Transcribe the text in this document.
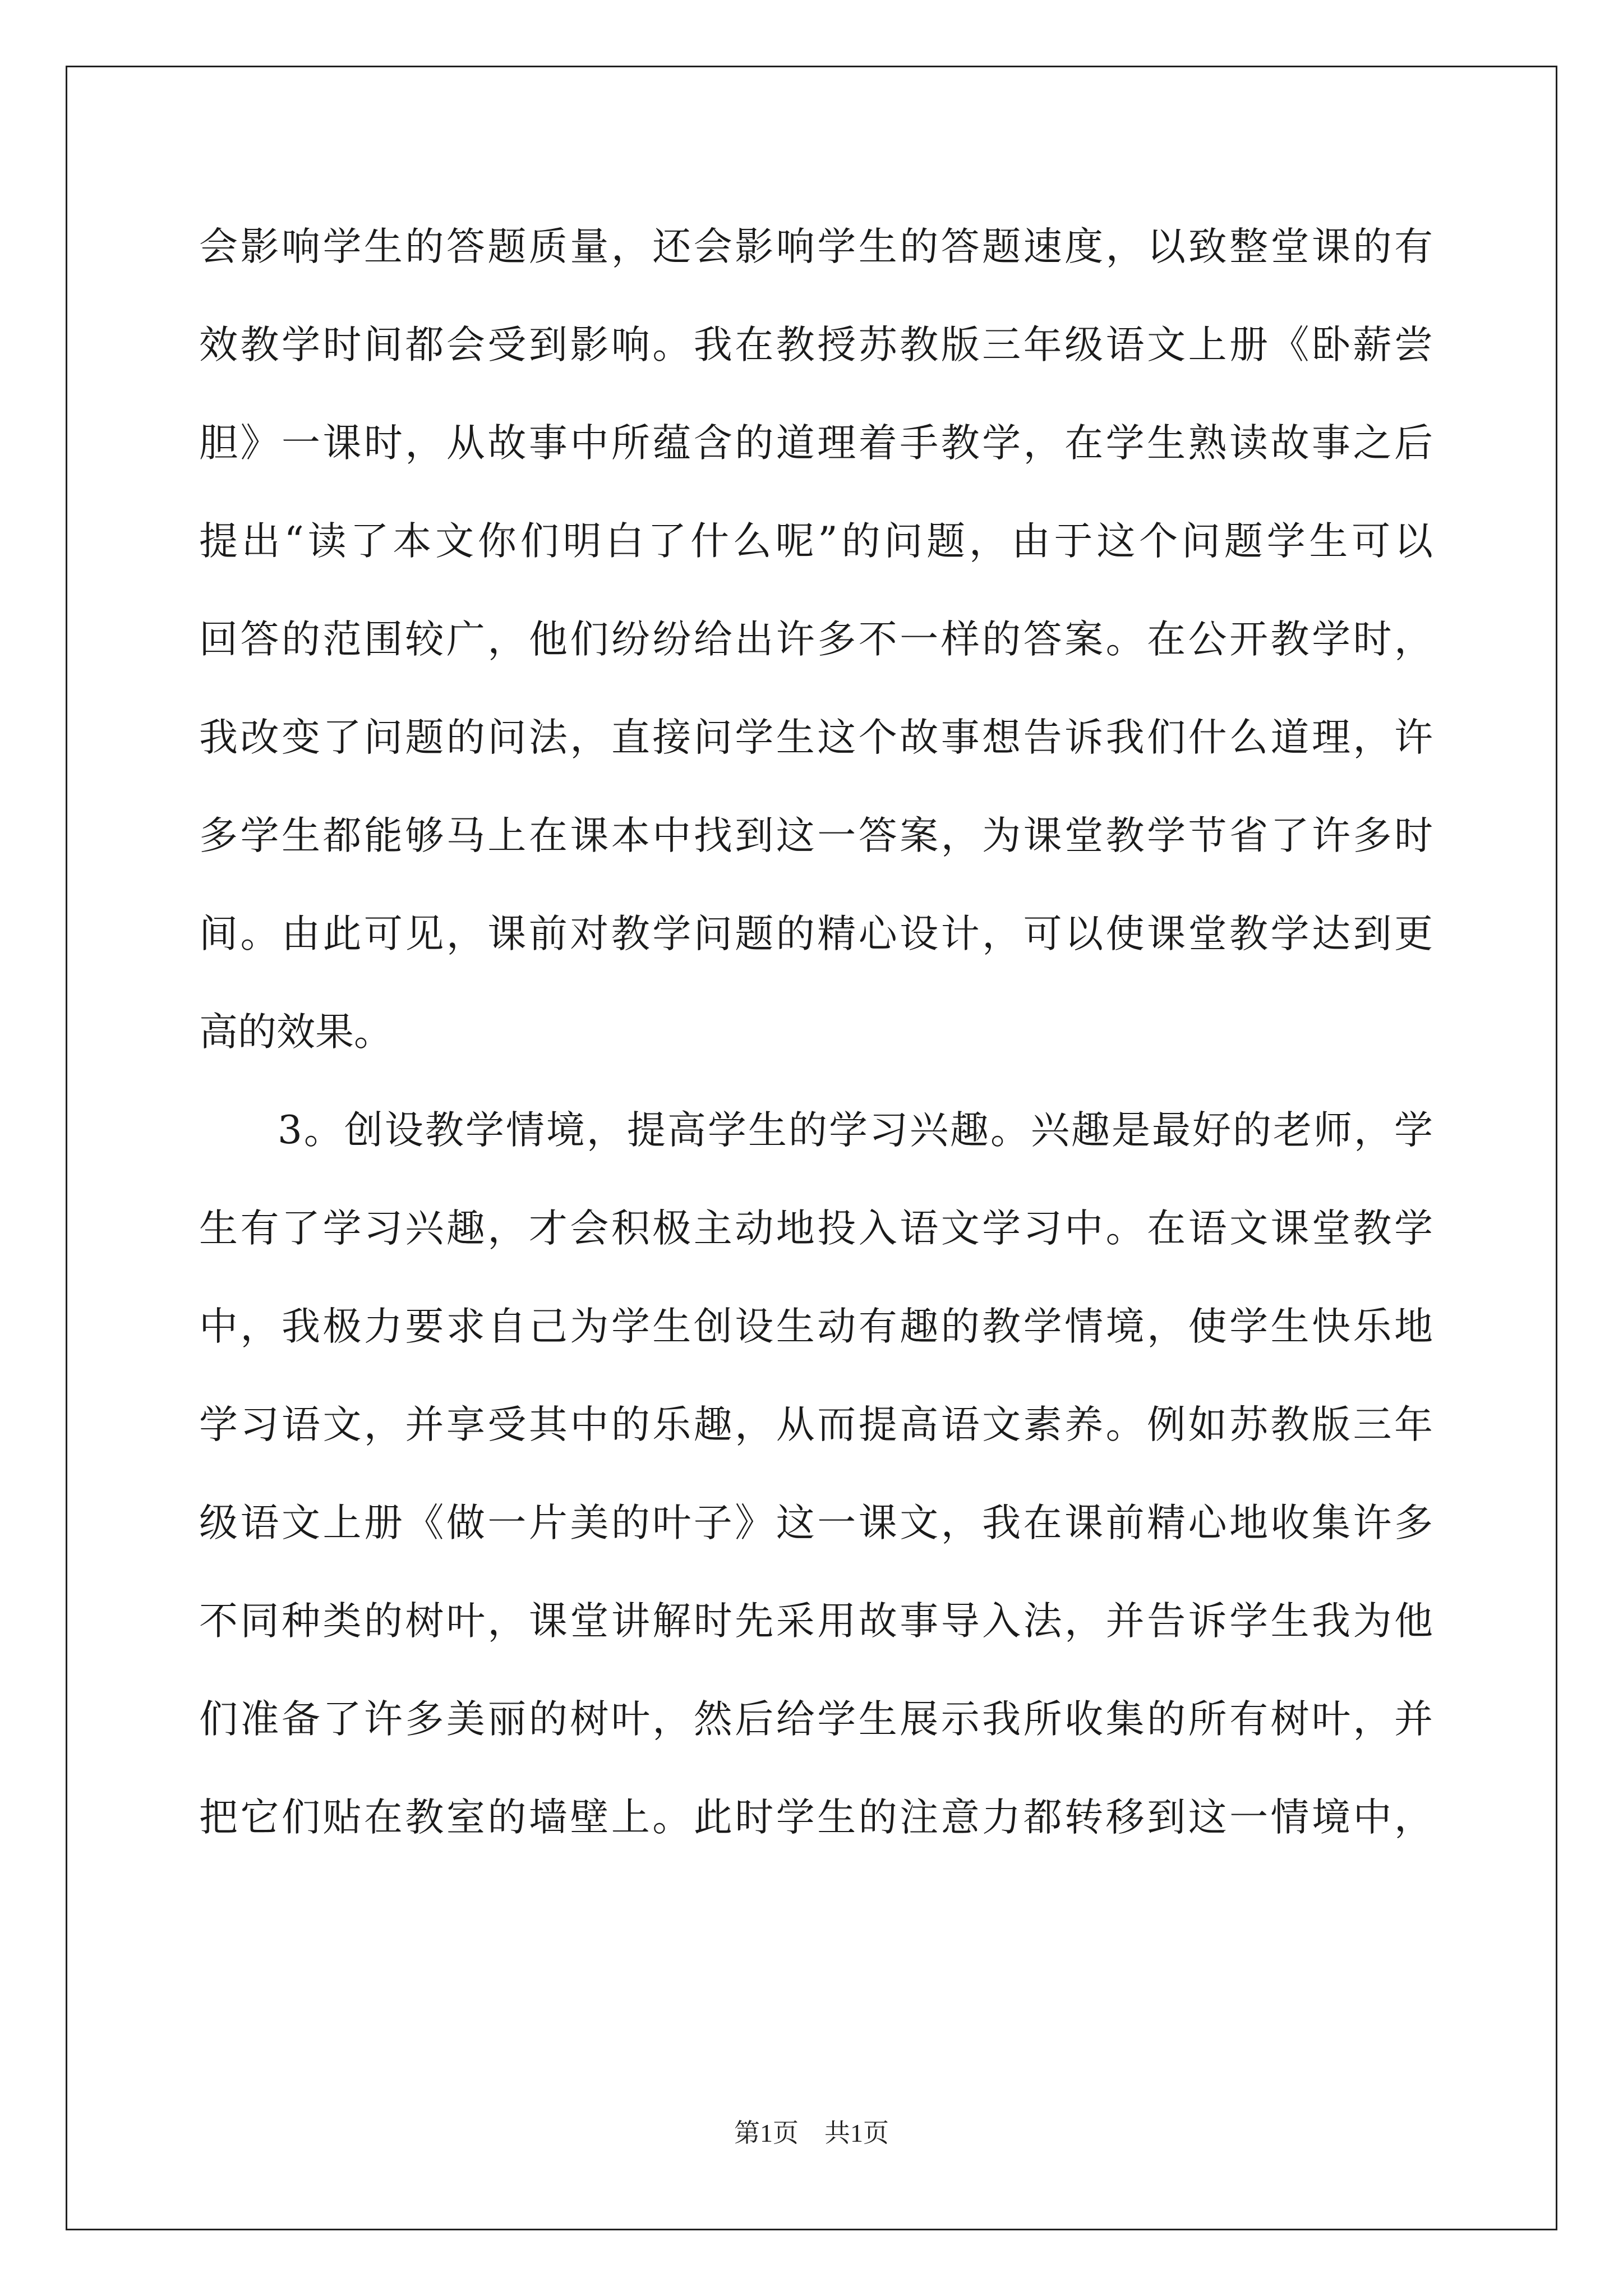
会影响学生的答题质量，还会影响学生的答题速度，以致整堂课的有
效教学时间都会受到影响。我在教授苏教版三年级语文上册《卧薪尝
胆》一课时，从故事中所蕴含的道理着手教学，在学生熟读故事之后
提出“读了本文你们明白了什么呢”的问题，由于这个问题学生可以
回答的范围较广，他们纷纷给出许多不一样的答案。在公开教学时，
我改变了问题的问法，直接问学生这个故事想告诉我们什么道理，许
多学生都能够马上在课本中找到这一答案，为课堂教学节省了许多时
间。由此可见，课前对教学问题的精心设计，可以使课堂教学达到更
高的效果。
3。创设教学情境，提高学生的学习兴趣。兴趣是最好的老师，学
生有了学习兴趣，才会积极主动地投入语文学习中。在语文课堂教学
中，我极力要求自己为学生创设生动有趣的教学情境，使学生快乐地
学习语文，并享受其中的乐趣，从而提高语文素养。例如苏教版三年
级语文上册《做一片美的叶子》这一课文，我在课前精心地收集许多
不同种类的树叶，课堂讲解时先采用故事导入法，并告诉学生我为他
们准备了许多美丽的树叶，然后给学生展示我所收集的所有树叶，并
把它们贴在教室的墙壁上。此时学生的注意力都转移到这一情境中，
第1页 共1页
